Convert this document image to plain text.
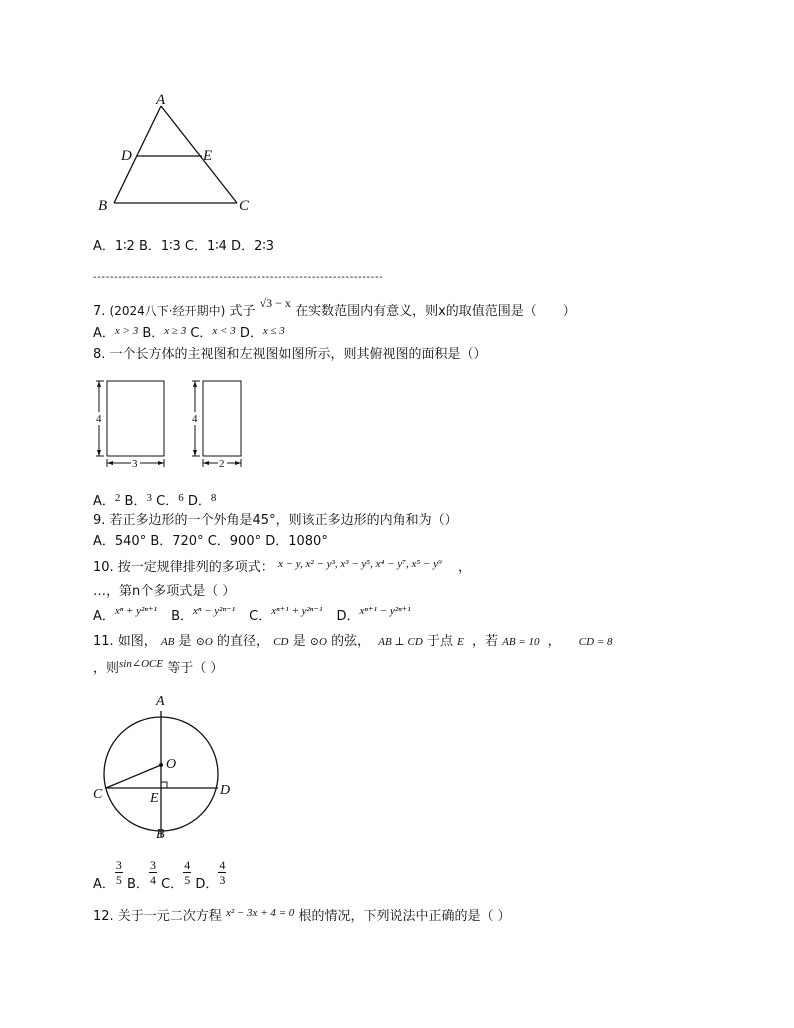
A
D	E
B	C
A．1∶2 B．1∶3 C．1∶4 D．2∶3
---------------------------------------------------------------------
7. (2024八下·经开期中) 式子 √3 − x 在实数范围内有意义，则x的取值范围是（　　）
A．$^{x > 3}$ B．$^{x \ge 3}$ C．$^{x < 3}$ D．$^{x \le 3}$
8. 一个长方体的主视图和左视图如图所示，则其俯视图的面积是（）
4
3
4
2
A．$^2$ B．$^3$ C．$^6$ D．$^8$
9. 若正多边形的一个外角是45°，则该正多边形的内角和为（）
A．540° B．720° C．900° D．1080°
10. 按一定规律排列的多项式： $^{x - y, x^2 - y^3, x^3 - y^5, x^4 - y^7, x^5 - y^9}$ ，
…，第n个多项式是（ ）
A．$^{x^n + y^{2n+1}}$ B．$^{x^n - y^{2n-1}}$ C．$^{x^{n+1} + y^{2n-1}}$ D．$^{x^{n+1} - y^{2n+1}}$
11. 如图， AB 是 ⊙O 的直径， CD 是 ⊙O 的弦， AB ⊥ CD 于点 E ，若 AB = 10 ， CD = 8
，则$^{sin\angle OCE}$ 等于（ ）
A
O
C	E
D
B
A． $\frac{3}{5}$ B． $\frac{3}{4}$ C． $\frac{4}{5}$ D． $\frac{4}{3}$
12. 关于一元二次方程 $^{x^2 - 3x + 4 = 0}$ 根的情况，下列说法中正确的是（ ）
